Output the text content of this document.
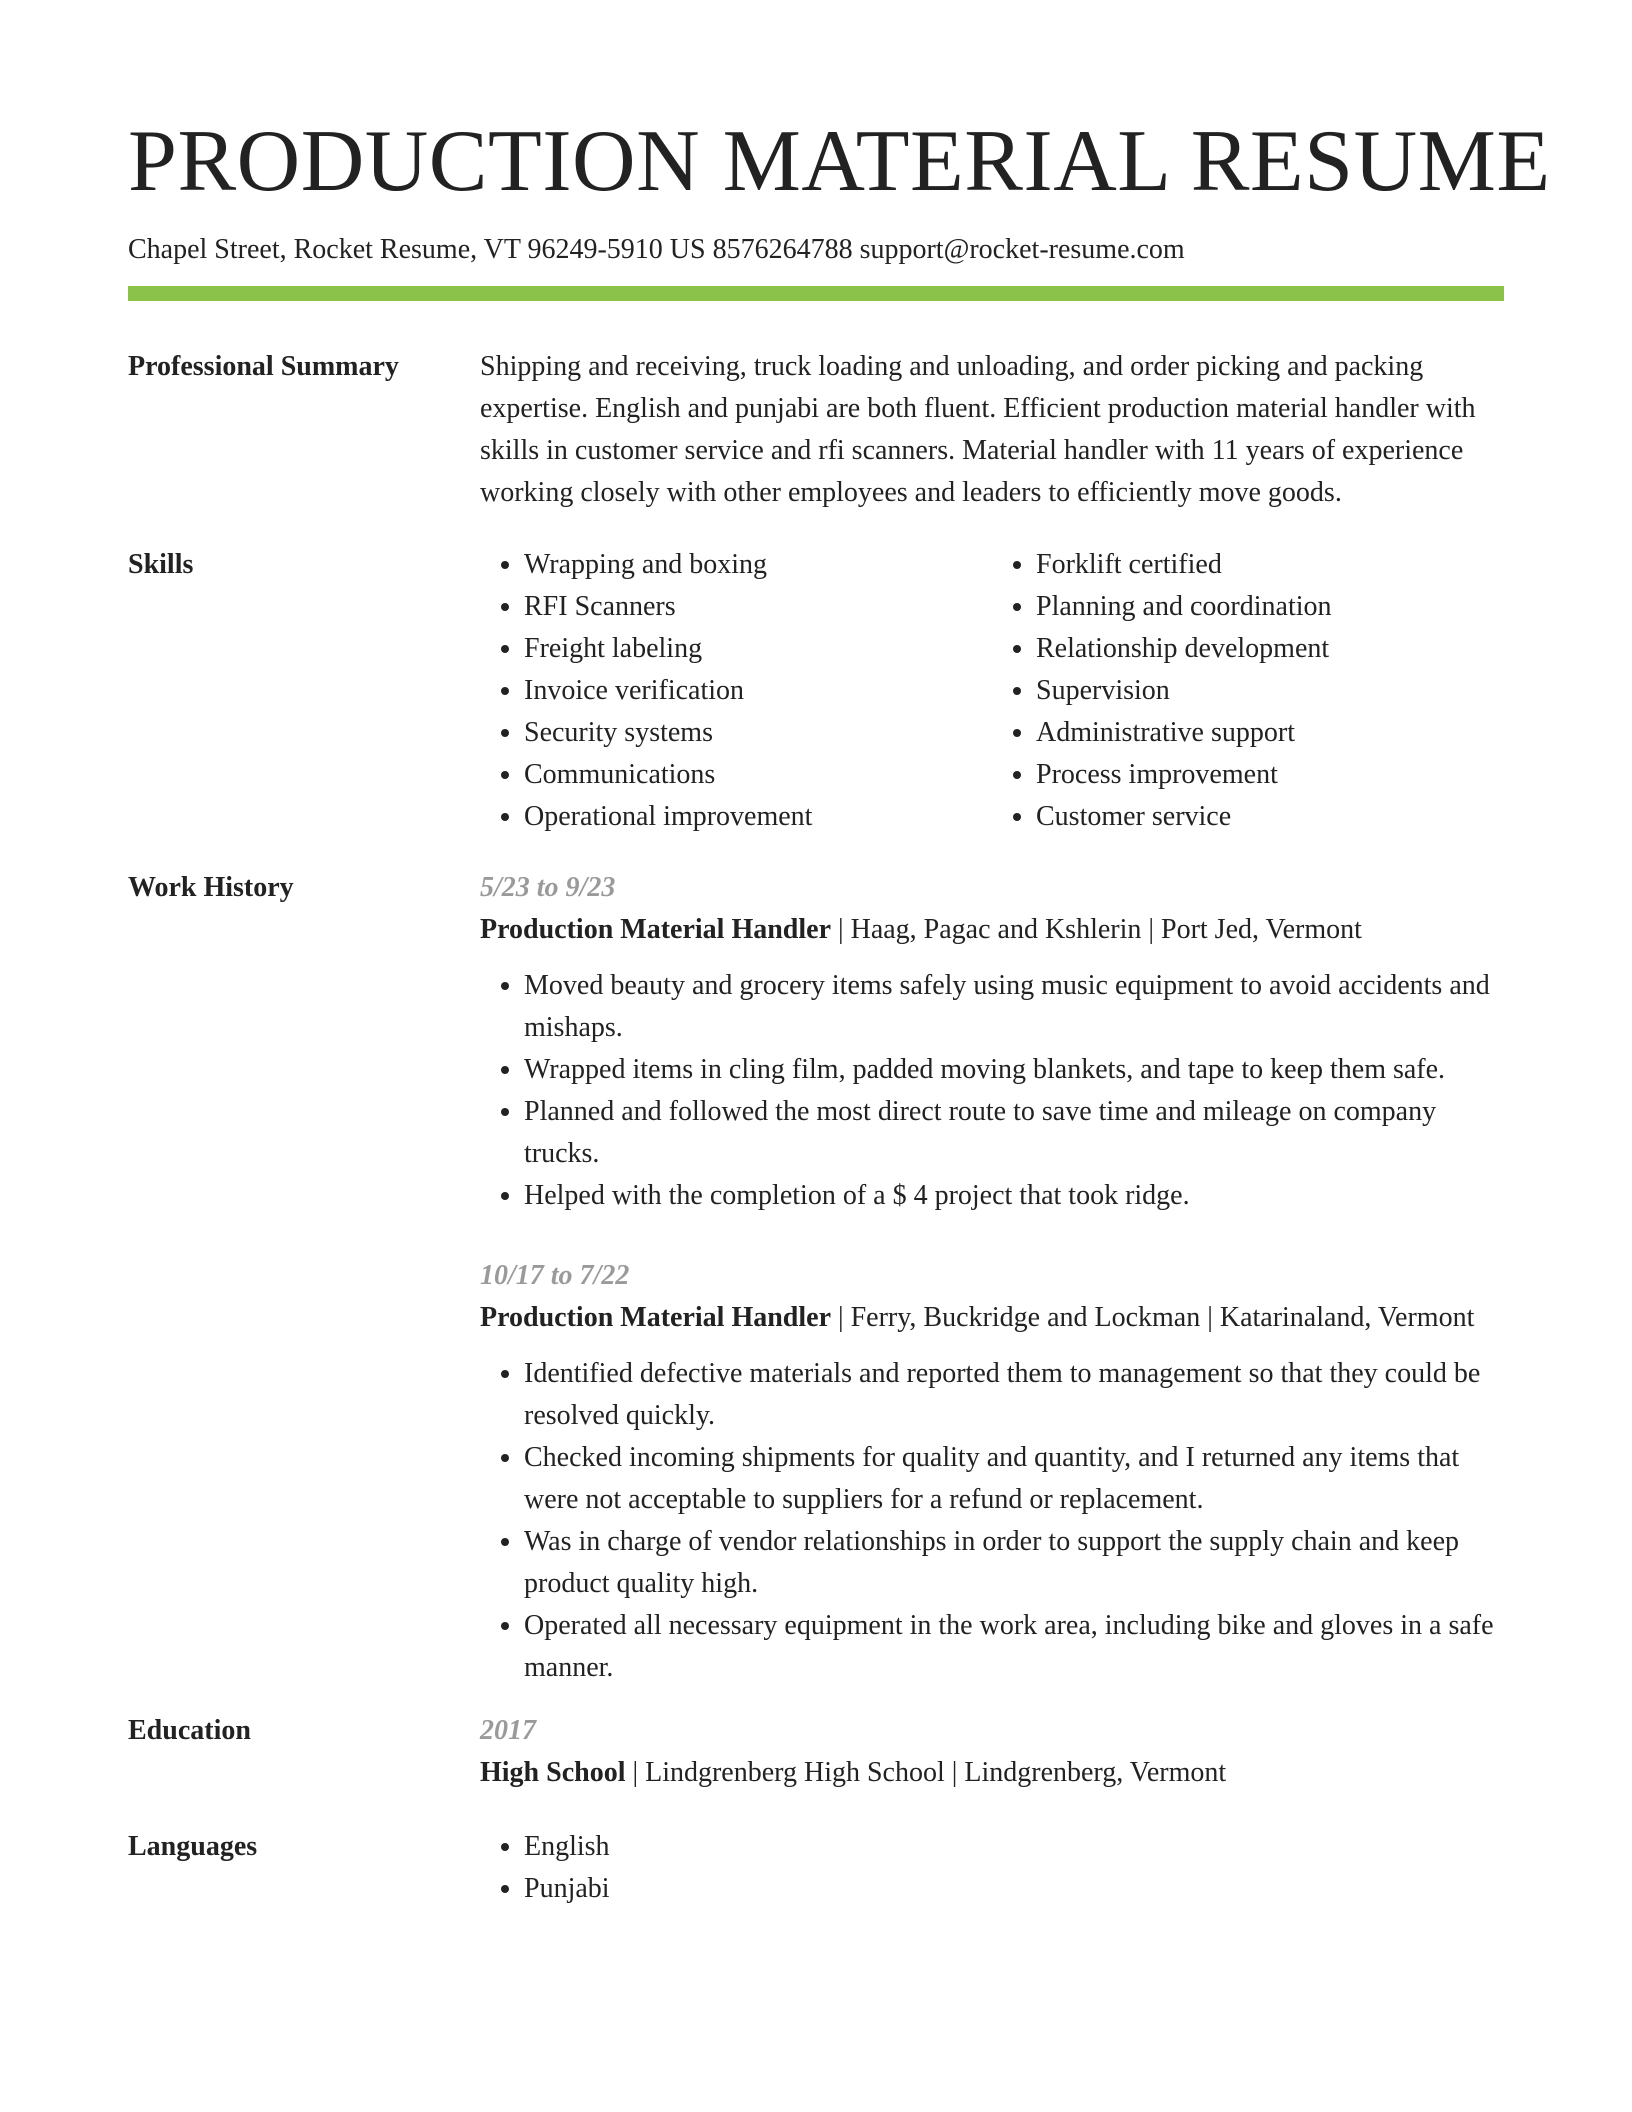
PRODUCTION MATERIAL RESUME
Chapel Street, Rocket Resume, VT 96249-5910 US 8576264788 support@rocket-resume.com
Professional Summary	Shipping and receiving, truck loading and unloading, and order picking and packing expertise. English and punjabi are both fluent. Efficient production material handler with skills in customer service and rfi scanners. Material handler with 11 years of experience working closely with other employees and leaders to efficiently move goods.

Skills	• Wrapping and boxing
• RFI Scanners
• Freight labeling
• Invoice verification
• Security systems
• Communications
• Operational improvement
• Forklift certified
• Planning and coordination
• Relationship development
• Supervision
• Administrative support
• Process improvement
• Customer service
Work History	5/23 to 9/23
Production Material Handler | Haag, Pagac and Kshlerin | Port Jed, Vermont
• Moved beauty and grocery items safely using music equipment to avoid accidents and mishaps.
• Wrapped items in cling film, padded moving blankets, and tape to keep them safe.
• Planned and followed the most direct route to save time and mileage on company trucks.
• Helped with the completion of a $ 4 project that took ridge.
10/17 to 7/22
Production Material Handler | Ferry, Buckridge and Lockman | Katarinaland, Vermont
• Identified defective materials and reported them to management so that they could be resolved quickly.
• Checked incoming shipments for quality and quantity, and I returned any items that were not acceptable to suppliers for a refund or replacement.
• Was in charge of vendor relationships in order to support the supply chain and keep product quality high.
• Operated all necessary equipment in the work area, including bike and gloves in a safe manner.
Education	2017
High School | Lindgrenberg High School | Lindgrenberg, Vermont
Languages	• English
• Punjabi
